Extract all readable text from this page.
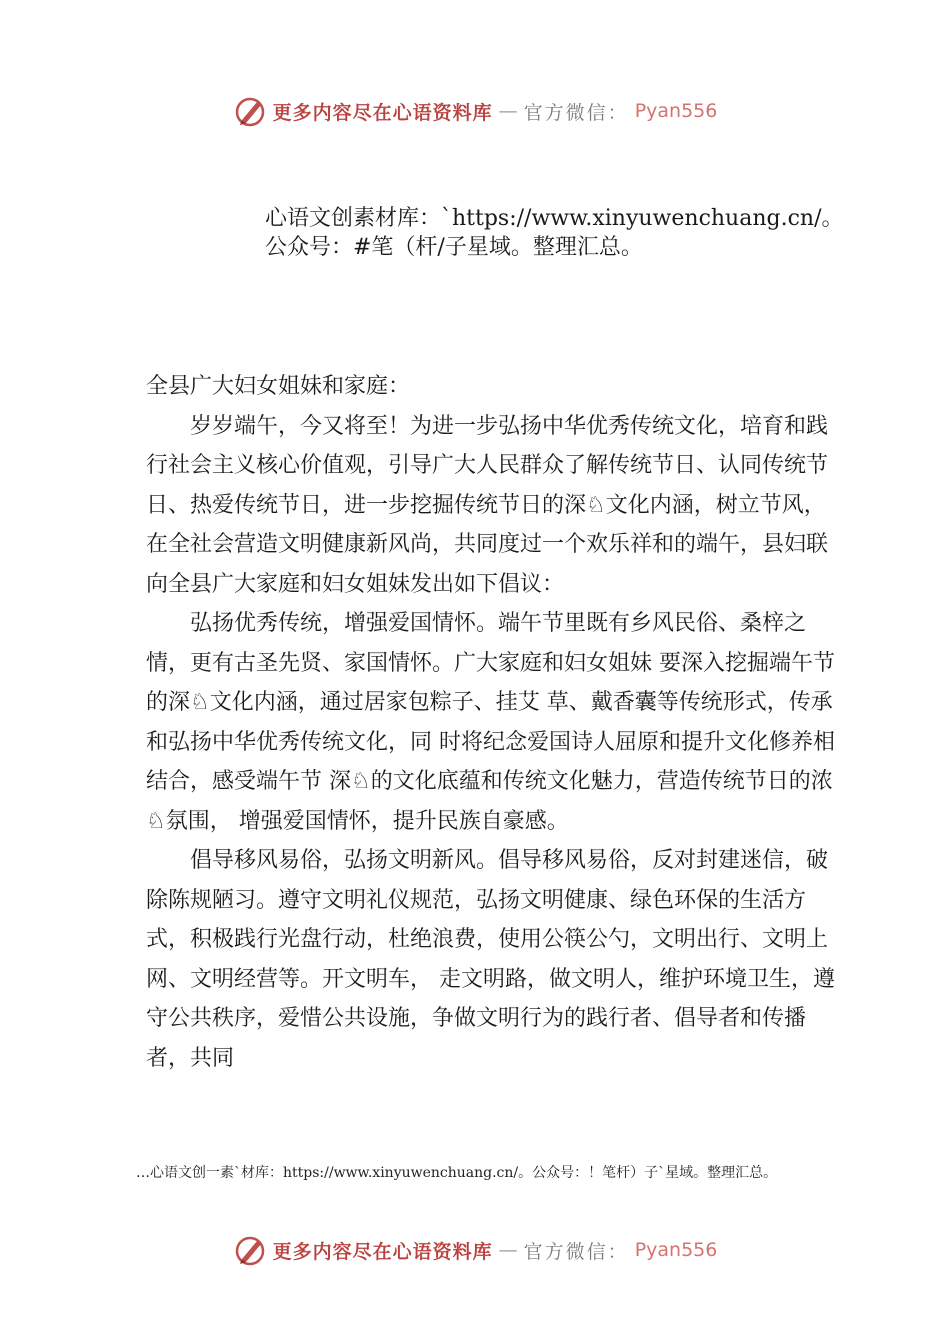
更多内容尽在心语资料库 — 官方微信： Pyan556
心语文创素材库：`https://www.xinyuwenchuang.cn/。公众号：#笔（杆/子星域。整理汇总。

全县广大妇女姐妹和家庭：

岁岁端午，今又将至！为进一步弘扬中华优秀传统文化，培育和践行社会主义核心价值观，引导广大人民群众了解传统节日、认同传统节日、热爱传统节日，进一步挖掘传统节日的深♘文化内涵，树立节风，在全社会营造文明健康新风尚，共同度过一个欢乐祥和的端午，县妇联向全县广大家庭和妇女姐妹发出如下倡议：

弘扬优秀传统，增强爱国情怀。端午节里既有乡风民俗、桑梓之情，更有古圣先贤、家国情怀。广大家庭和妇女姐妹 要深入挖掘端午节的深♘文化内涵，通过居家包粽子、挂艾 草、戴香囊等传统形式，传承和弘扬中华优秀传统文化，同 时将纪念爱国诗人屈原和提升文化修养相结合，感受端午节 深♘的文化底蕴和传统文化魅力，营造传统节日的浓♘氛围， 增强爱国情怀，提升民族自豪感。

倡导移风易俗，弘扬文明新风。倡导移风易俗，反对封建迷信，破除陈规陋习。遵守文明礼仪规范，弘扬文明健康、绿色环保的生活方式，积极践行光盘行动，杜绝浪费，使用公筷公勺，文明出行、文明上网、文明经营等。开文明车， 走文明路，做文明人，维护环境卫生，遵守公共秩序，爱惜公共设施，争做文明行为的践行者、倡导者和传播者，共同

…心语文创一素`材库：https://www.xinyuwenchuang.cn/。公众号：！笔杆）子`星域。整理汇总。
更多内容尽在心语资料库 — 官方微信： Pyan556
